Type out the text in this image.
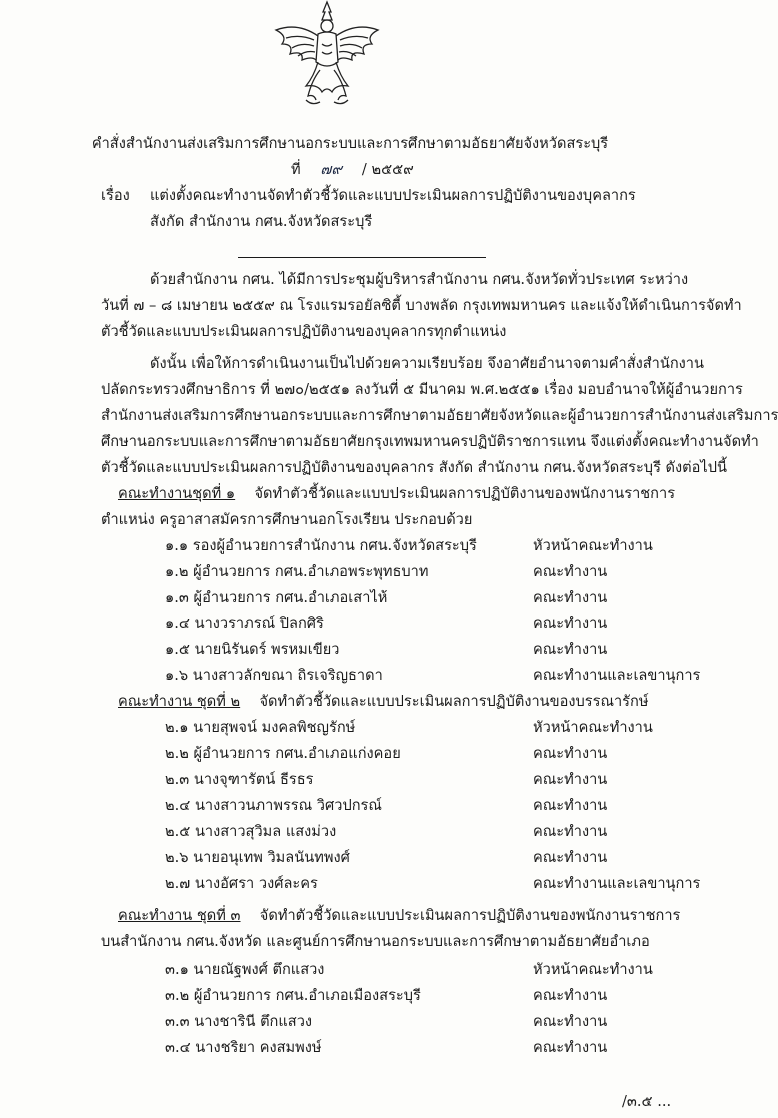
คำสั่งสำนักงานส่งเสริมการศึกษานอกระบบและการศึกษาตามอัธยาศัยจังหวัดสระบุรี
ที่ ๗๙ / ๒๕๕๙
เรื่อง แต่งตั้งคณะทำงานจัดทำตัวชี้วัดและแบบประเมินผลการปฏิบัติงานของบุคลากร
สังกัด สำนักงาน กศน.จังหวัดสระบุรี
ด้วยสำนักงาน กศน. ได้มีการประชุมผู้บริหารสำนักงาน กศน.จังหวัดทั่วประเทศ ระหว่าง
วันที่ ๗ – ๘ เมษายน ๒๕๕๙ ณ โรงแรมรอยัลซิตี้ บางพลัด กรุงเทพมหานคร และแจ้งให้ดำเนินการจัดทำ
ตัวชี้วัดและแบบประเมินผลการปฏิบัติงานของบุคลากรทุกตำแหน่ง
ดังนั้น เพื่อให้การดำเนินงานเป็นไปด้วยความเรียบร้อย จึงอาศัยอำนาจตามคำสั่งสำนักงาน
ปลัดกระทรวงศึกษาธิการ ที่ ๒๗๐/๒๕๕๑ ลงวันที่ ๕ มีนาคม พ.ศ.๒๕๕๑ เรื่อง มอบอำนาจให้ผู้อำนวยการ
สำนักงานส่งเสริมการศึกษานอกระบบและการศึกษาตามอัธยาศัยจังหวัดและผู้อำนวยการสำนักงานส่งเสริมการ
ศึกษานอกระบบและการศึกษาตามอัธยาศัยกรุงเทพมหานครปฏิบัติราชการแทน จึงแต่งตั้งคณะทำงานจัดทำ
ตัวชี้วัดและแบบประเมินผลการปฏิบัติงานของบุคลากร สังกัด สำนักงาน กศน.จังหวัดสระบุรี ดังต่อไปนี้
คณะทำงานชุดที่ ๑ จัดทำตัวชี้วัดและแบบประเมินผลการปฏิบัติงานของพนักงานราชการ
ตำแหน่ง ครูอาสาสมัครการศึกษานอกโรงเรียน ประกอบด้วย
๑.๑ รองผู้อำนวยการสำนักงาน กศน.จังหวัดสระบุรี	หัวหน้าคณะทำงาน
๑.๒ ผู้อำนวยการ กศน.อำเภอพระพุทธบาท	คณะทำงาน
๑.๓ ผู้อำนวยการ กศน.อำเภอเสาไห้	คณะทำงาน
๑.๔ นางวราภรณ์ ปิลกศิริ	คณะทำงาน
๑.๕ นายนิรันดร์ พรหมเขียว	คณะทำงาน
๑.๖ นางสาวลักขณา ถิรเจริญธาดา	คณะทำงานและเลขานุการ
คณะทำงาน ชุดที่ ๒ จัดทำตัวชี้วัดและแบบประเมินผลการปฏิบัติงานของบรรณารักษ์
๒.๑ นายสุพจน์ มงคลพิชญรักษ์	หัวหน้าคณะทำงาน
๒.๒ ผู้อำนวยการ กศน.อำเภอแก่งคอย	คณะทำงาน
๒.๓ นางจุฑารัตน์ ธีรธร	คณะทำงาน
๒.๔ นางสาวนภาพรรณ วิศวปกรณ์	คณะทำงาน
๒.๕ นางสาวสุวิมล แสงม่วง	คณะทำงาน
๒.๖ นายอนุเทพ วิมลนันทพงศ์	คณะทำงาน
๒.๗ นางอัศรา วงศ์ละคร	คณะทำงานและเลขานุการ
คณะทำงาน ชุดที่ ๓ จัดทำตัวชี้วัดและแบบประเมินผลการปฏิบัติงานของพนักงานราชการ
บนสำนักงาน กศน.จังหวัด และศูนย์การศึกษานอกระบบและการศึกษาตามอัธยาศัยอำเภอ
๓.๑ นายณัฐพงศ์ ตึกแสวง	หัวหน้าคณะทำงาน
๓.๒ ผู้อำนวยการ กศน.อำเภอเมืองสระบุรี	คณะทำงาน
๓.๓ นางชารินี ตึกแสวง	คณะทำงาน
๓.๔ นางชริยา คงสมพงษ์	คณะทำงาน
/๓.๕ ...
